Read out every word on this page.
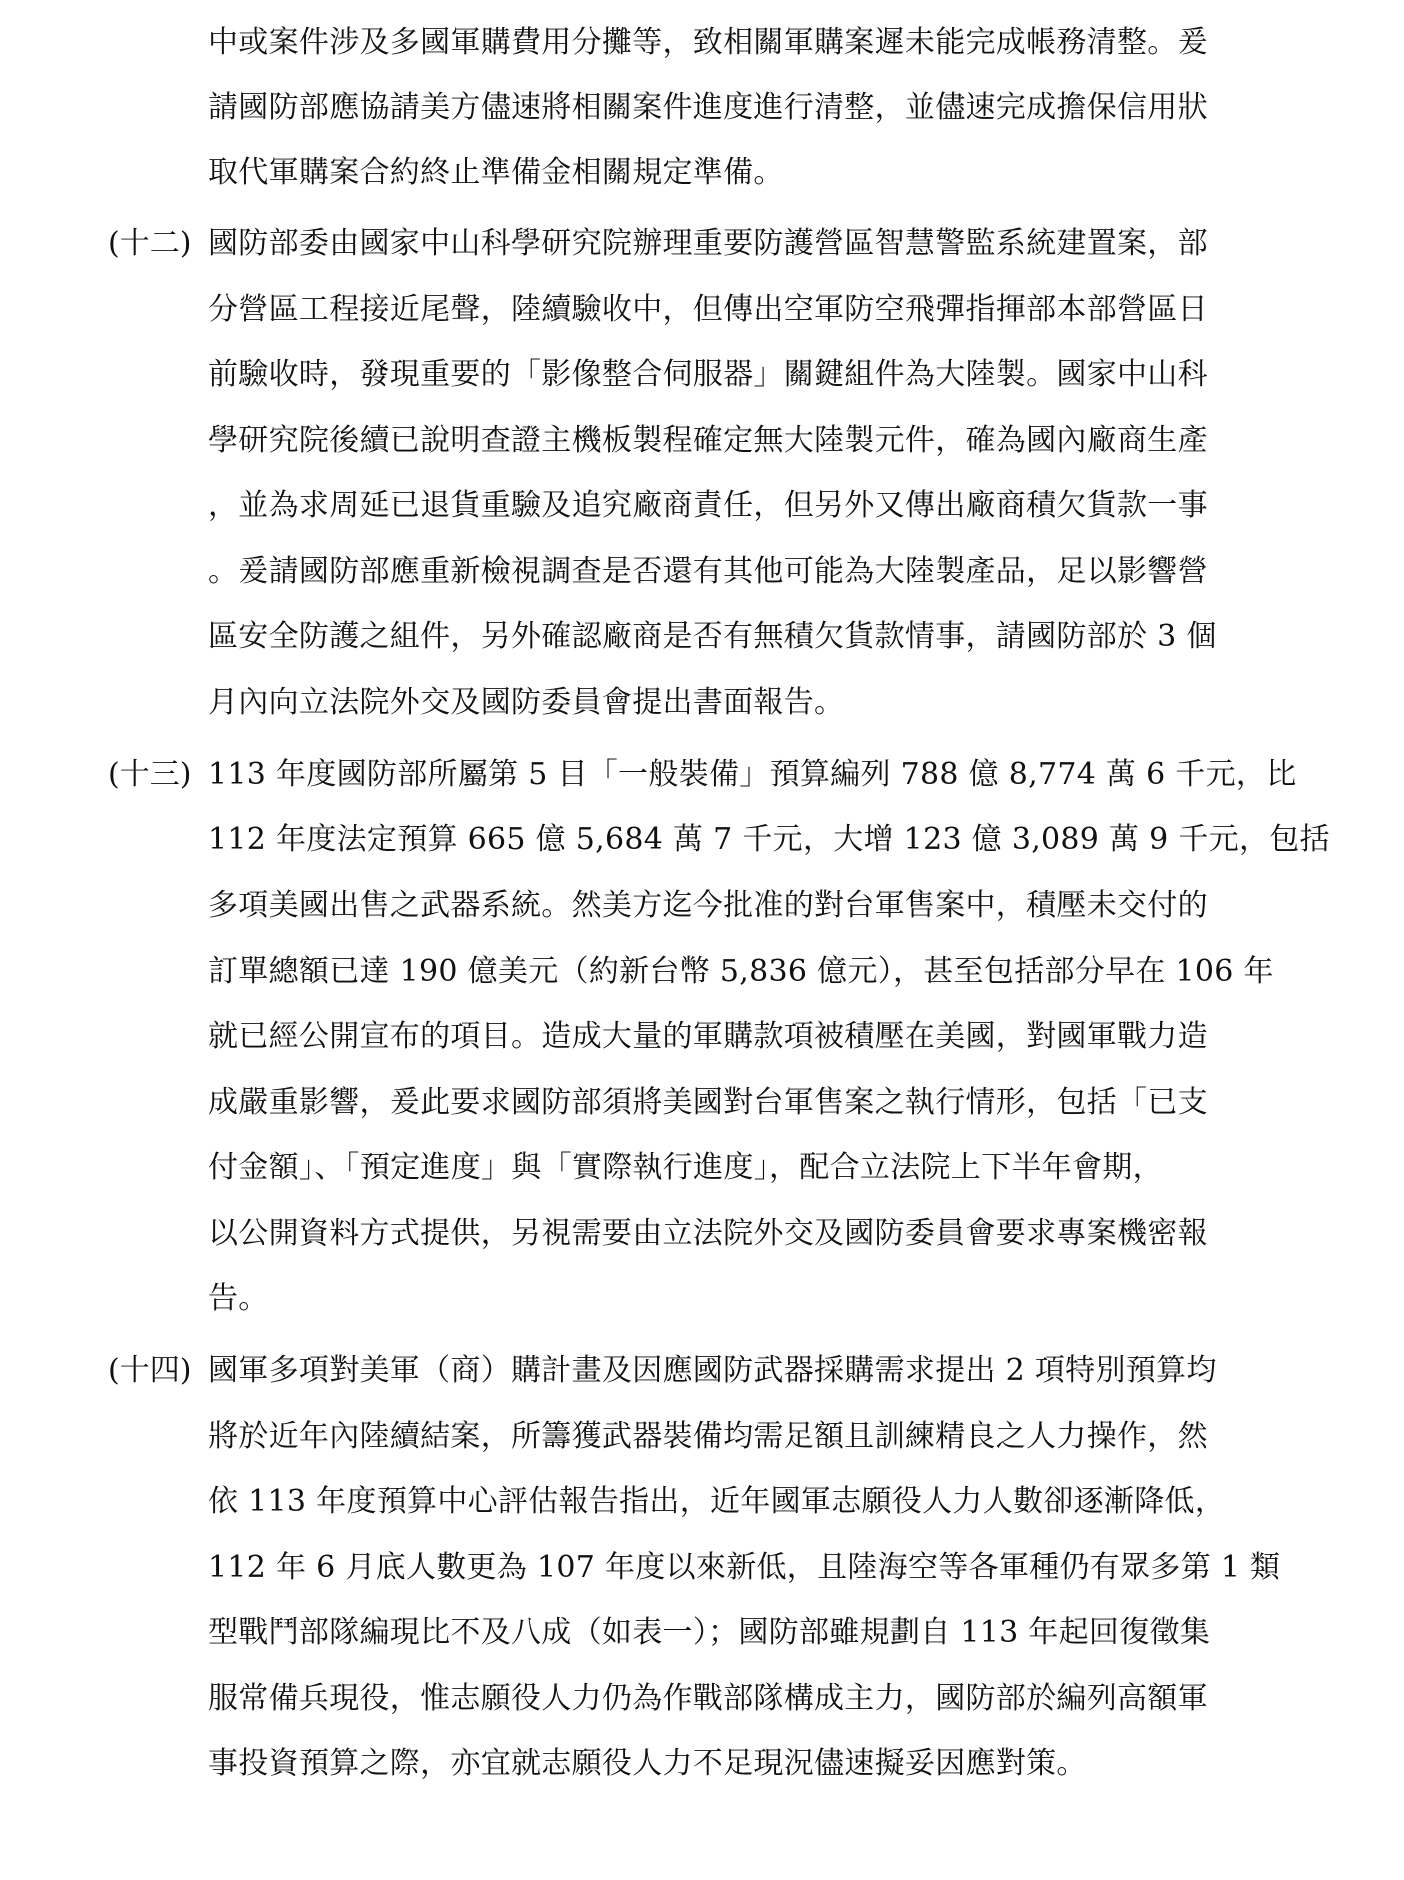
中或案件涉及多國軍購費用分攤等，致相關軍購案遲未能完成帳務清整。爰
請國防部應協請美方儘速將相關案件進度進行清整，並儘速完成擔保信用狀
取代軍購案合約終止準備金相關規定準備。
(十二) 國防部委由國家中山科學研究院辦理重要防護營區智慧警監系統建置案，部
分營區工程接近尾聲，陸續驗收中，但傳出空軍防空飛彈指揮部本部營區日
前驗收時，發現重要的「影像整合伺服器」關鍵組件為大陸製。國家中山科
學研究院後續已說明查證主機板製程確定無大陸製元件，確為國內廠商生產
，並為求周延已退貨重驗及追究廠商責任，但另外又傳出廠商積欠貨款一事
。爰請國防部應重新檢視調查是否還有其他可能為大陸製產品，足以影響營
區安全防護之組件，另外確認廠商是否有無積欠貨款情事，請國防部於 3 個
月內向立法院外交及國防委員會提出書面報告。
(十三) 113 年度國防部所屬第 5 目「一般裝備」預算編列 788 億 8,774 萬 6 千元，比
112 年度法定預算 665 億 5,684 萬 7 千元，大增 123 億 3,089 萬 9 千元，包括
多項美國出售之武器系統。然美方迄今批准的對台軍售案中，積壓未交付的
訂單總額已達 190 億美元（約新台幣 5,836 億元），甚至包括部分早在 106 年
就已經公開宣布的項目。造成大量的軍購款項被積壓在美國，對國軍戰力造
成嚴重影響，爰此要求國防部須將美國對台軍售案之執行情形，包括「已支
付金額」、「預定進度」與「實際執行進度」，配合立法院上下半年會期，
以公開資料方式提供，另視需要由立法院外交及國防委員會要求專案機密報
告。
(十四) 國軍多項對美軍（商）購計畫及因應國防武器採購需求提出 2 項特別預算均
將於近年內陸續結案，所籌獲武器裝備均需足額且訓練精良之人力操作，然
依 113 年度預算中心評估報告指出，近年國軍志願役人力人數卻逐漸降低，
112 年 6 月底人數更為 107 年度以來新低，且陸海空等各軍種仍有眾多第 1 類
型戰鬥部隊編現比不及八成（如表一）；國防部雖規劃自 113 年起回復徵集
服常備兵現役，惟志願役人力仍為作戰部隊構成主力，國防部於編列高額軍
事投資預算之際，亦宜就志願役人力不足現況儘速擬妥因應對策。
